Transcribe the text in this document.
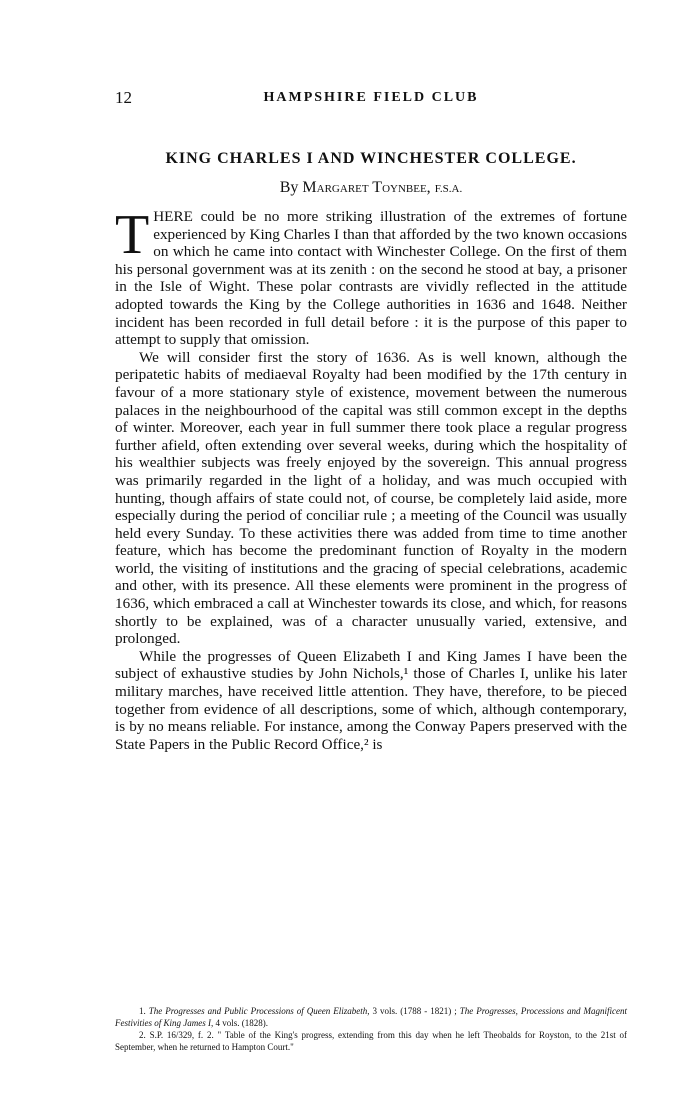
12	HAMPSHIRE FIELD CLUB
KING CHARLES I AND WINCHESTER COLLEGE.
By Margaret Toynbee, F.S.A.

THERE could be no more striking illustration of the extremes of fortune experienced by King Charles I than that afforded by the two known occasions on which he came into contact with Winchester College. On the first of them his personal government was at its zenith : on the second he stood at bay, a prisoner in the Isle of Wight. These polar contrasts are vividly reflected in the attitude adopted towards the King by the College authorities in 1636 and 1648. Neither incident has been recorded in full detail before : it is the purpose of this paper to attempt to supply that omission.

We will consider first the story of 1636. As is well known, although the peripatetic habits of mediaeval Royalty had been modified by the 17th century in favour of a more stationary style of existence, movement between the numerous palaces in the neighbourhood of the capital was still common except in the depths of winter. Moreover, each year in full summer there took place a regular progress further afield, often extending over several weeks, during which the hospitality of his wealthier subjects was freely enjoyed by the sovereign. This annual progress was primarily regarded in the light of a holiday, and was much occupied with hunting, though affairs of state could not, of course, be completely laid aside, more especially during the period of conciliar rule ; a meeting of the Council was usually held every Sunday. To these activities there was added from time to time another feature, which has become the predominant function of Royalty in the modern world, the visiting of institutions and the gracing of special celebrations, academic and other, with its presence. All these elements were prominent in the progress of 1636, which embraced a call at Winchester towards its close, and which, for reasons shortly to be explained, was of a character unusually varied, extensive, and prolonged.

While the progresses of Queen Elizabeth I and King James I have been the subject of exhaustive studies by John Nichols,¹ those of Charles I, unlike his later military marches, have received little attention. They have, therefore, to be pieced together from evidence of all descriptions, some of which, although contemporary, is by no means reliable. For instance, among the Conway Papers preserved with the State Papers in the Public Record Office,² is

1. The Progresses and Public Processions of Queen Elizabeth, 3 vols. (1788 - 1821) ; The Progresses, Processions and Magnificent Festivities of King James I, 4 vols. (1828).

2. S.P. 16/329, f. 2. " Table of the King's progress, extending from this day when he left Theobalds for Royston, to the 21st of September, when he returned to Hampton Court."
